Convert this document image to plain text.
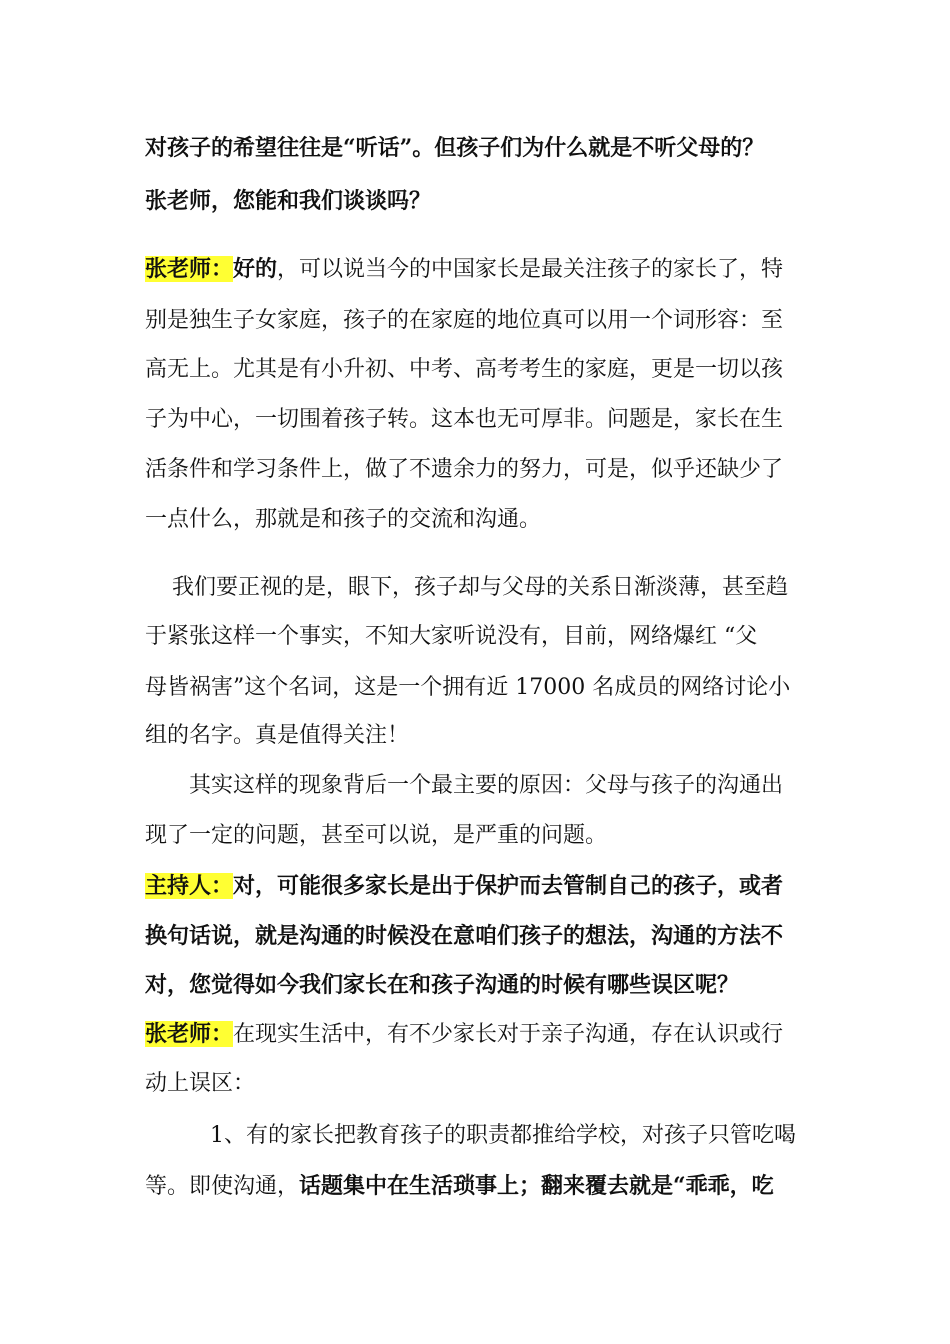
对孩子的希望往往是“听话”。但孩子们为什么就是不听父母的？
张老师，您能和我们谈谈吗？
张老师：好的，可以说当今的中国家长是最关注孩子的家长了，特
别是独生子女家庭，孩子的在家庭的地位真可以用一个词形容：至
高无上。尤其是有小升初、中考、高考考生的家庭，更是一切以孩
子为中心，一切围着孩子转。这本也无可厚非。问题是，家长在生
活条件和学习条件上，做了不遗余力的努力，可是，似乎还缺少了
一点什么，那就是和孩子的交流和沟通。
我们要正视的是，眼下，孩子却与父母的关系日渐淡薄，甚至趋
于紧张这样一个事实，不知大家听说没有，目前，网络爆红 “父
母皆祸害”这个名词，这是一个拥有近 17000 名成员的网络讨论小
组的名字。真是值得关注！
其实这样的现象背后一个最主要的原因：父母与孩子的沟通出
现了一定的问题，甚至可以说，是严重的问题。
主持人：对，可能很多家长是出于保护而去管制自己的孩子，或者
换句话说，就是沟通的时候没在意咱们孩子的想法，沟通的方法不
对，您觉得如今我们家长在和孩子沟通的时候有哪些误区呢？
张老师：在现实生活中，有不少家长对于亲子沟通，存在认识或行
动上误区：
1、有的家长把教育孩子的职责都推给学校，对孩子只管吃喝
等。即使沟通，话题集中在生活琐事上；翻来覆去就是“乖乖，吃
